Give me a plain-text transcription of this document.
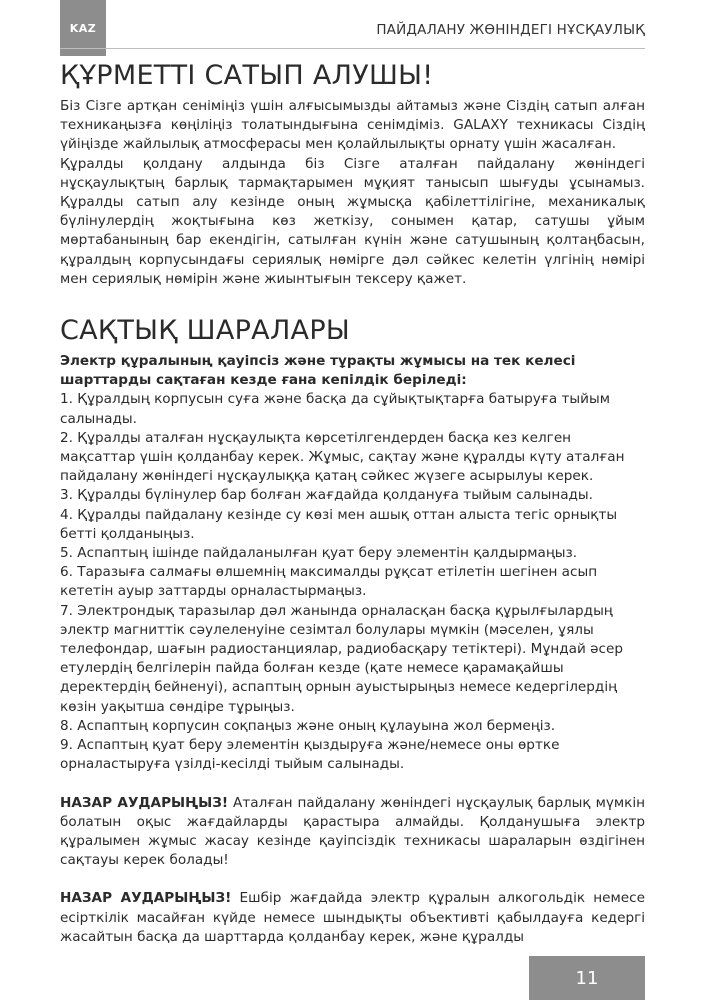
KAZ	ПАЙДАЛАНУ ЖӨНІНДЕГІ НҰСҚАУЛЫҚ
ҚҰРМЕТТІ САТЫП АЛУШЫ!

Біз Сізге артқан сеніміңіз үшін алғысымызды айтамыз және Сіздің сатып алған техникаңызға көңіліңіз толатындығына сенімдіміз. GALAXY техникасы Сіздің үйіңізде жайлылық атмосферасы мен қолайлылықты орнату үшін жасалған.

Құралды қолдану алдында біз Сізге аталған пайдалану жөніндегі нұсқаулықтың барлық тармақтарымен мұқият танысып шығуды ұсынамыз. Құралды сатып алу кезінде оның жұмысқа қабілеттілігіне, механикалық бүлінулердің жоқтығына көз жеткізу, сонымен қатар, сатушы ұйым мөртабанының бар екендігін, сатылған күнін және сатушының қолтаңбасын, құралдың корпусындағы сериялық нөмірге дәл сәйкес келетін үлгінің нөмірі мен сериялық нөмірін және жиынтығын тексеру қажет.

САҚТЫҚ ШАРАЛАРЫ

Электр құралының қауіпсіз және тұрақты жұмысы на тек келесі шарттарды сақтаған кезде ғана кепілдік беріледі:

1. Құралдың корпусын суға және басқа да сұйықтықтарға батыруға тыйым салынады.

2. Құралды аталған нұсқаулықта көрсетілгендерден басқа кез келген мақсаттар үшін қолданбау керек. Жұмыс, сақтау және құралды күту аталған пайдалану жөніндегі нұсқаулыққа қатаң сәйкес жүзеге асырылуы керек.

3. Құралды бүлінулер бар болған жағдайда қолдануға тыйым салынады.

4. Құралды пайдалану кезінде су көзі мен ашық оттан алыста тегіс орнықты бетті қолданыңыз.

5. Аспаптың ішінде пайдаланылған қуат беру элементін қалдырмаңыз.

6. Таразыға салмағы өлшемнің максималды рұқсат етілетін шегінен асып кететін ауыр заттарды орналастырмаңыз.

7. Электрондық таразылар дәл жанында орналасқан басқа құрылғылардың электр магниттік сәулеленуіне сезімтал болулары мүмкін (мәселен, ұялы телефондар, шағын радиостанциялар, радиобасқару тетіктері). Мұндай әсер етулердің белгілерін пайда болған кезде (қате немесе қарамақайшы деректердің бейненуі), аспаптың орнын ауыстырыңыз немесе кедергілердің көзін уақытша сөндіре тұрыңыз.

8. Аспаптың корпусин соқпаңыз және оның құлауына жол бермеңіз.

9. Аспаптың қуат беру элементін қыздыруға және/немесе оны өртке орналастыруға үзілді-кесілді тыйым салынады.

НАЗАР АУДАРЫҢЫЗ! Аталған пайдалану жөніндегі нұсқаулық барлық мүмкін болатын оқыс жағдайларды қарастыра алмайды. Қолданушыға электр құралымен жұмыс жасау кезінде қауіпсіздік техникасы шараларын өздігінен сақтауы керек болады!

НАЗАР АУДАРЫҢЫЗ! Ешбір жағдайда электр құралын алкогольдік немесе есірткілік масайған күйде немесе шындықты объективті қабылдауға кедергі жасайтын басқа да шарттарда қолданбау керек, және құралды

11
